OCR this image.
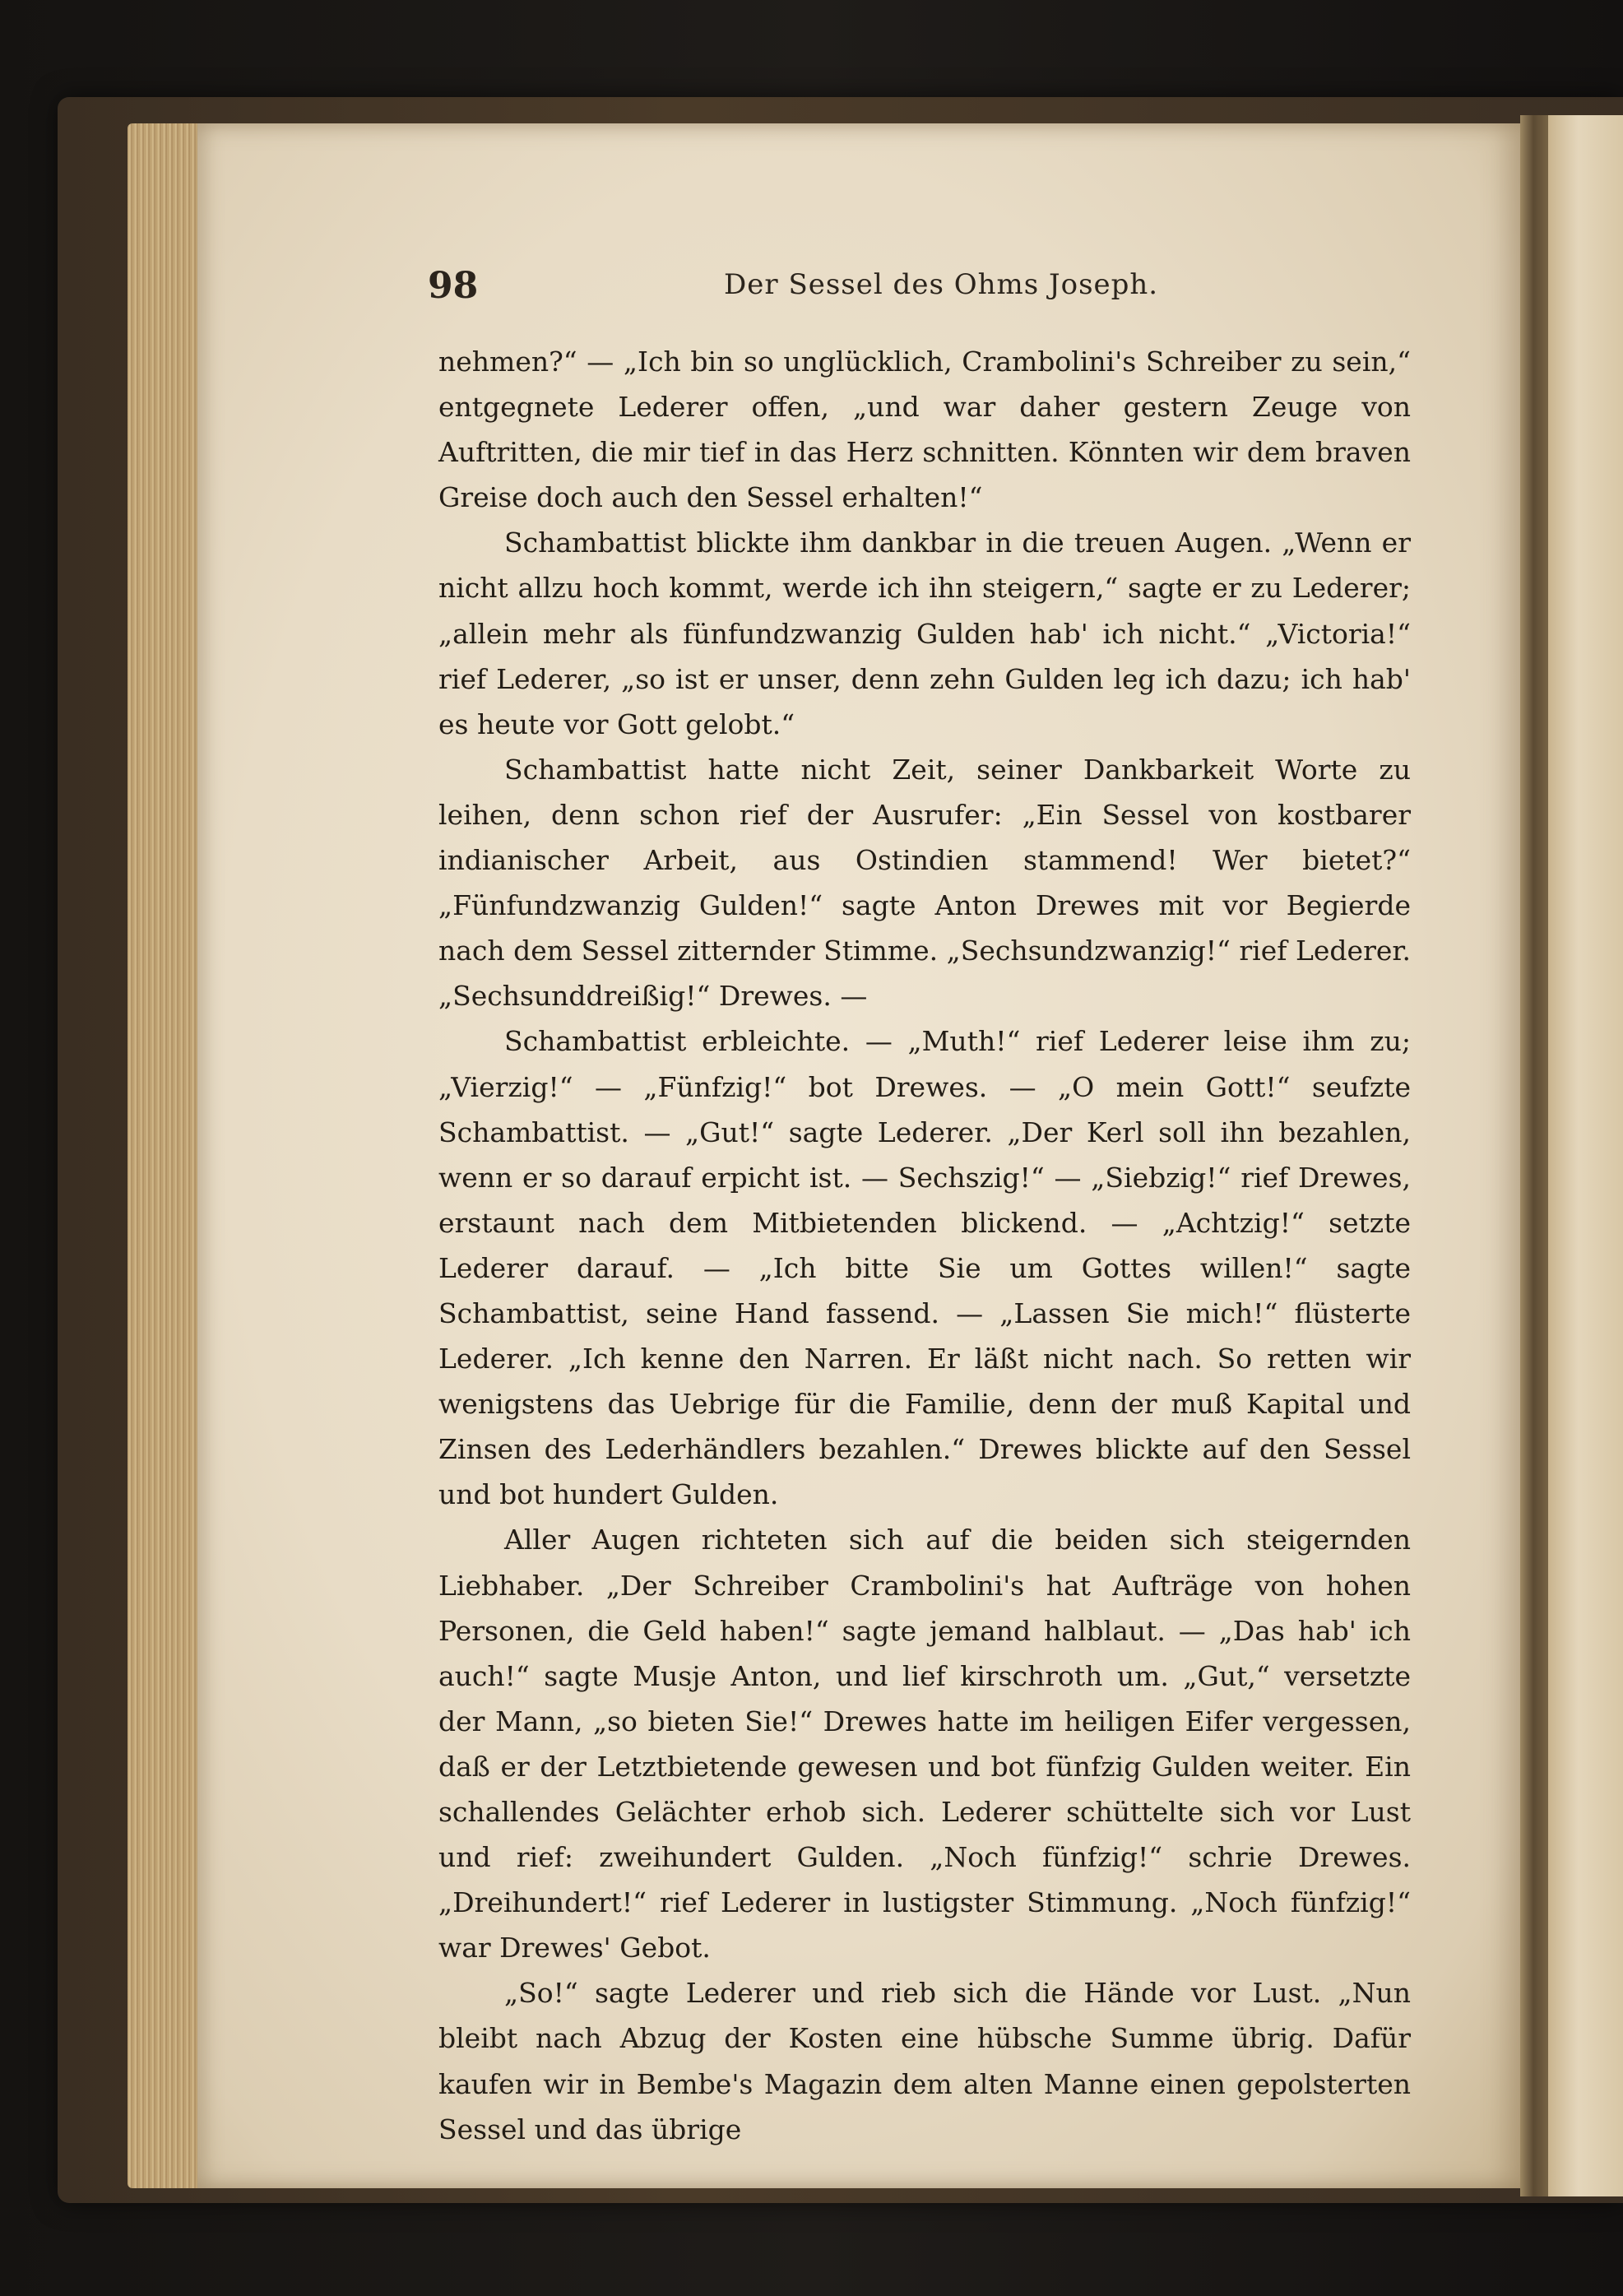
98	Der Sessel des Ohms Joseph.

nehmen?“ — „Ich bin so unglücklich, Crambolini's Schreiber zu sein,“ entgegnete Lederer offen, „und war daher gestern Zeuge von Auftritten, die mir tief in das Herz schnitten. Könnten wir dem braven Greise doch auch den Sessel erhalten!“

Schambattist blickte ihm dankbar in die treuen Augen. „Wenn er nicht allzu hoch kommt, werde ich ihn steigern,“ sagte er zu Lederer; „allein mehr als fünfundzwanzig Gulden hab' ich nicht.“ „Victoria!“ rief Lederer, „so ist er unser, denn zehn Gulden leg ich dazu; ich hab' es heute vor Gott gelobt.“

Schambattist hatte nicht Zeit, seiner Dankbarkeit Worte zu leihen, denn schon rief der Ausrufer: „Ein Sessel von kostbarer indianischer Arbeit, aus Ostindien stammend! Wer bietet?“ „Fünfundzwanzig Gulden!“ sagte Anton Drewes mit vor Begierde nach dem Sessel zitternder Stimme. „Sechsundzwanzig!“ rief Lederer. „Sechsunddreißig!“ Drewes. —

Schambattist erbleichte. — „Muth!“ rief Lederer leise ihm zu; „Vierzig!“ — „Fünfzig!“ bot Drewes. — „O mein Gott!“ seufzte Schambattist. — „Gut!“ sagte Lederer. „Der Kerl soll ihn bezahlen, wenn er so darauf erpicht ist. — Sechszig!“ — „Siebzig!“ rief Drewes, erstaunt nach dem Mitbietenden blickend. — „Achtzig!“ setzte Lederer darauf. — „Ich bitte Sie um Gottes willen!“ sagte Schambattist, seine Hand fassend. — „Lassen Sie mich!“ flüsterte Lederer. „Ich kenne den Narren. Er läßt nicht nach. So retten wir wenigstens das Uebrige für die Familie, denn der muß Kapital und Zinsen des Lederhändlers bezahlen.“ Drewes blickte auf den Sessel und bot hundert Gulden.

Aller Augen richteten sich auf die beiden sich steigernden Liebhaber. „Der Schreiber Crambolini's hat Aufträge von hohen Personen, die Geld haben!“ sagte jemand halblaut. — „Das hab' ich auch!“ sagte Musje Anton, und lief kirschroth um. „Gut,“ versetzte der Mann, „so bieten Sie!“ Drewes hatte im heiligen Eifer vergessen, daß er der Letztbietende gewesen und bot fünfzig Gulden weiter. Ein schallendes Gelächter erhob sich. Lederer schüttelte sich vor Lust und rief: zweihundert Gulden. „Noch fünfzig!“ schrie Drewes. „Dreihundert!“ rief Lederer in lustigster Stimmung. „Noch fünfzig!“ war Drewes' Gebot.

„So!“ sagte Lederer und rieb sich die Hände vor Lust. „Nun bleibt nach Abzug der Kosten eine hübsche Summe übrig. Dafür kaufen wir in Bembe's Magazin dem alten Manne einen gepolsterten Sessel und das übrige
